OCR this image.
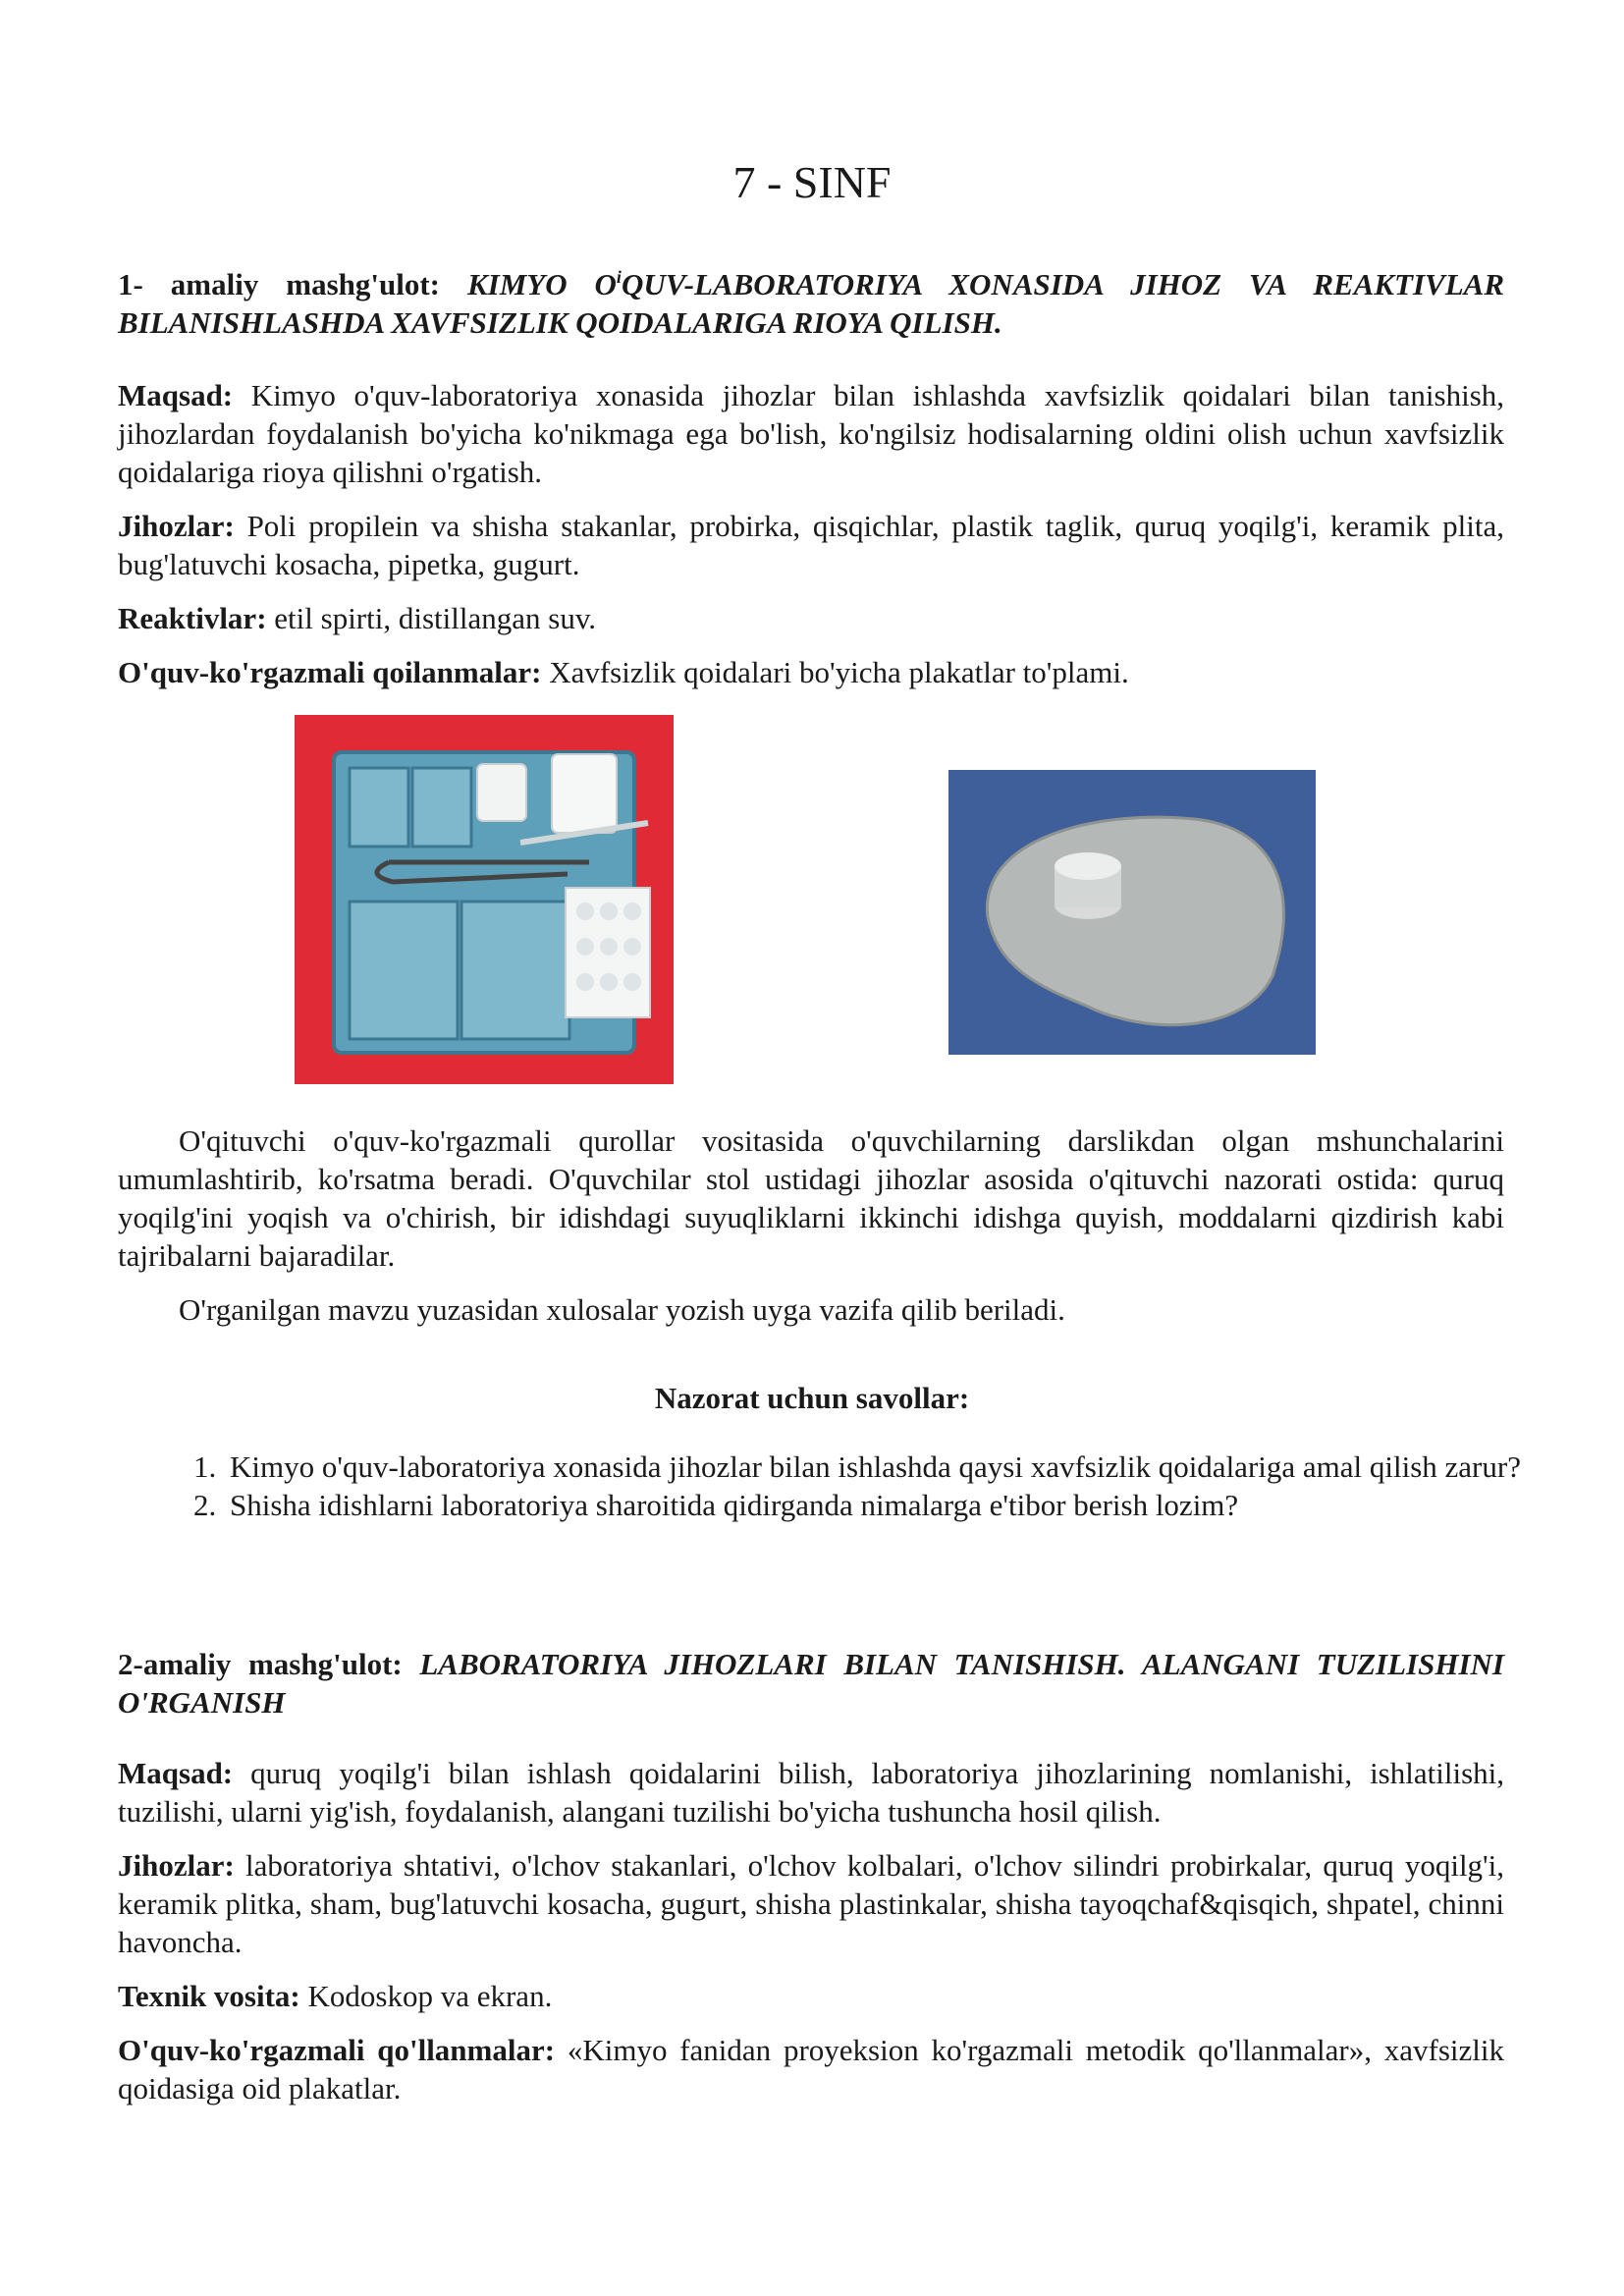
7 - SINF

1- amaliy mashg'ulot: KIMYO $O^iQUV$-LABORATORIYA XONASIDA JIHOZ VA REAKTIVLAR BILANISHLASHDA XAVFSIZLIK QOIDALARIGA RIOYA QILISH.

Maqsad: Kimyo o'quv-laboratoriya xonasida jihozlar bilan ishlashda xavfsizlik qoidalari bilan tanishish, jihozlardan foydalanish bo'yicha ko'nikmaga ega bo'lish, ko'ngilsiz hodisalarning oldini olish uchun xavfsizlik qoidalariga rioya qilishni o'rgatish.

Jihozlar: Poli propilein va shisha stakanlar, probirka, qisqichlar, plastik taglik, quruq yoqilg'i, keramik plita, bug'latuvchi kosacha, pipetka, gugurt.

Reaktivlar: etil spirti, distillangan suv.

O'quv-ko'rgazmali qoilanmalar: Xavfsizlik qoidalari bo'yicha plakatlar to'plami.

O'qituvchi o'quv-ko'rgazmali qurollar vositasida o'quvchilarning darslikdan olgan mshunchalarini umumlashtirib, ko'rsatma beradi. O'quvchilar stol ustidagi jihozlar asosida o'qituvchi nazorati ostida: quruq yoqilg'ini yoqish va o'chirish, bir idishdagi suyuqliklarni ikkinchi idishga quyish, moddalarni qizdirish kabi tajribalarni bajaradilar.

O'rganilgan mavzu yuzasidan xulosalar yozish uyga vazifa qilib beriladi.

Nazorat uchun savollar:
1. Kimyo o'quv-laboratoriya xonasida jihozlar bilan ishlashda qaysi xavfsizlik qoidalariga amal qilish zarur?
2. Shisha idishlarni laboratoriya sharoitida qidirganda nimalarga e'tibor berish lozim?

2-amaliy mashg'ulot: LABORATORIYA JIHOZLARI BILAN TANISHISH. ALANGANI TUZILISHINI O'RGANISH

Maqsad: quruq yoqilg'i bilan ishlash qoidalarini bilish, laboratoriya jihozlarining nomlanishi, ishlatilishi, tuzilishi, ularni yig'ish, foydalanish, alangani tuzilishi bo'yicha tushuncha hosil qilish.

Jihozlar: laboratoriya shtativi, o'lchov stakanlari, o'lchov kolbalari, o'lchov silindri probirkalar, quruq yoqilg'i, keramik plitka, sham, bug'latuvchi kosacha, gugurt, shisha plastinkalar, shisha tayoqchaf&qisqich, shpatel, chinni havoncha.

Texnik vosita: Kodoskop va ekran.

O'quv-ko'rgazmali qo'llanmalar: «Kimyo fanidan proyeksion ko'rgazmali metodik qo'llanmalar», xavfsizlik qoidasiga oid plakatlar.
